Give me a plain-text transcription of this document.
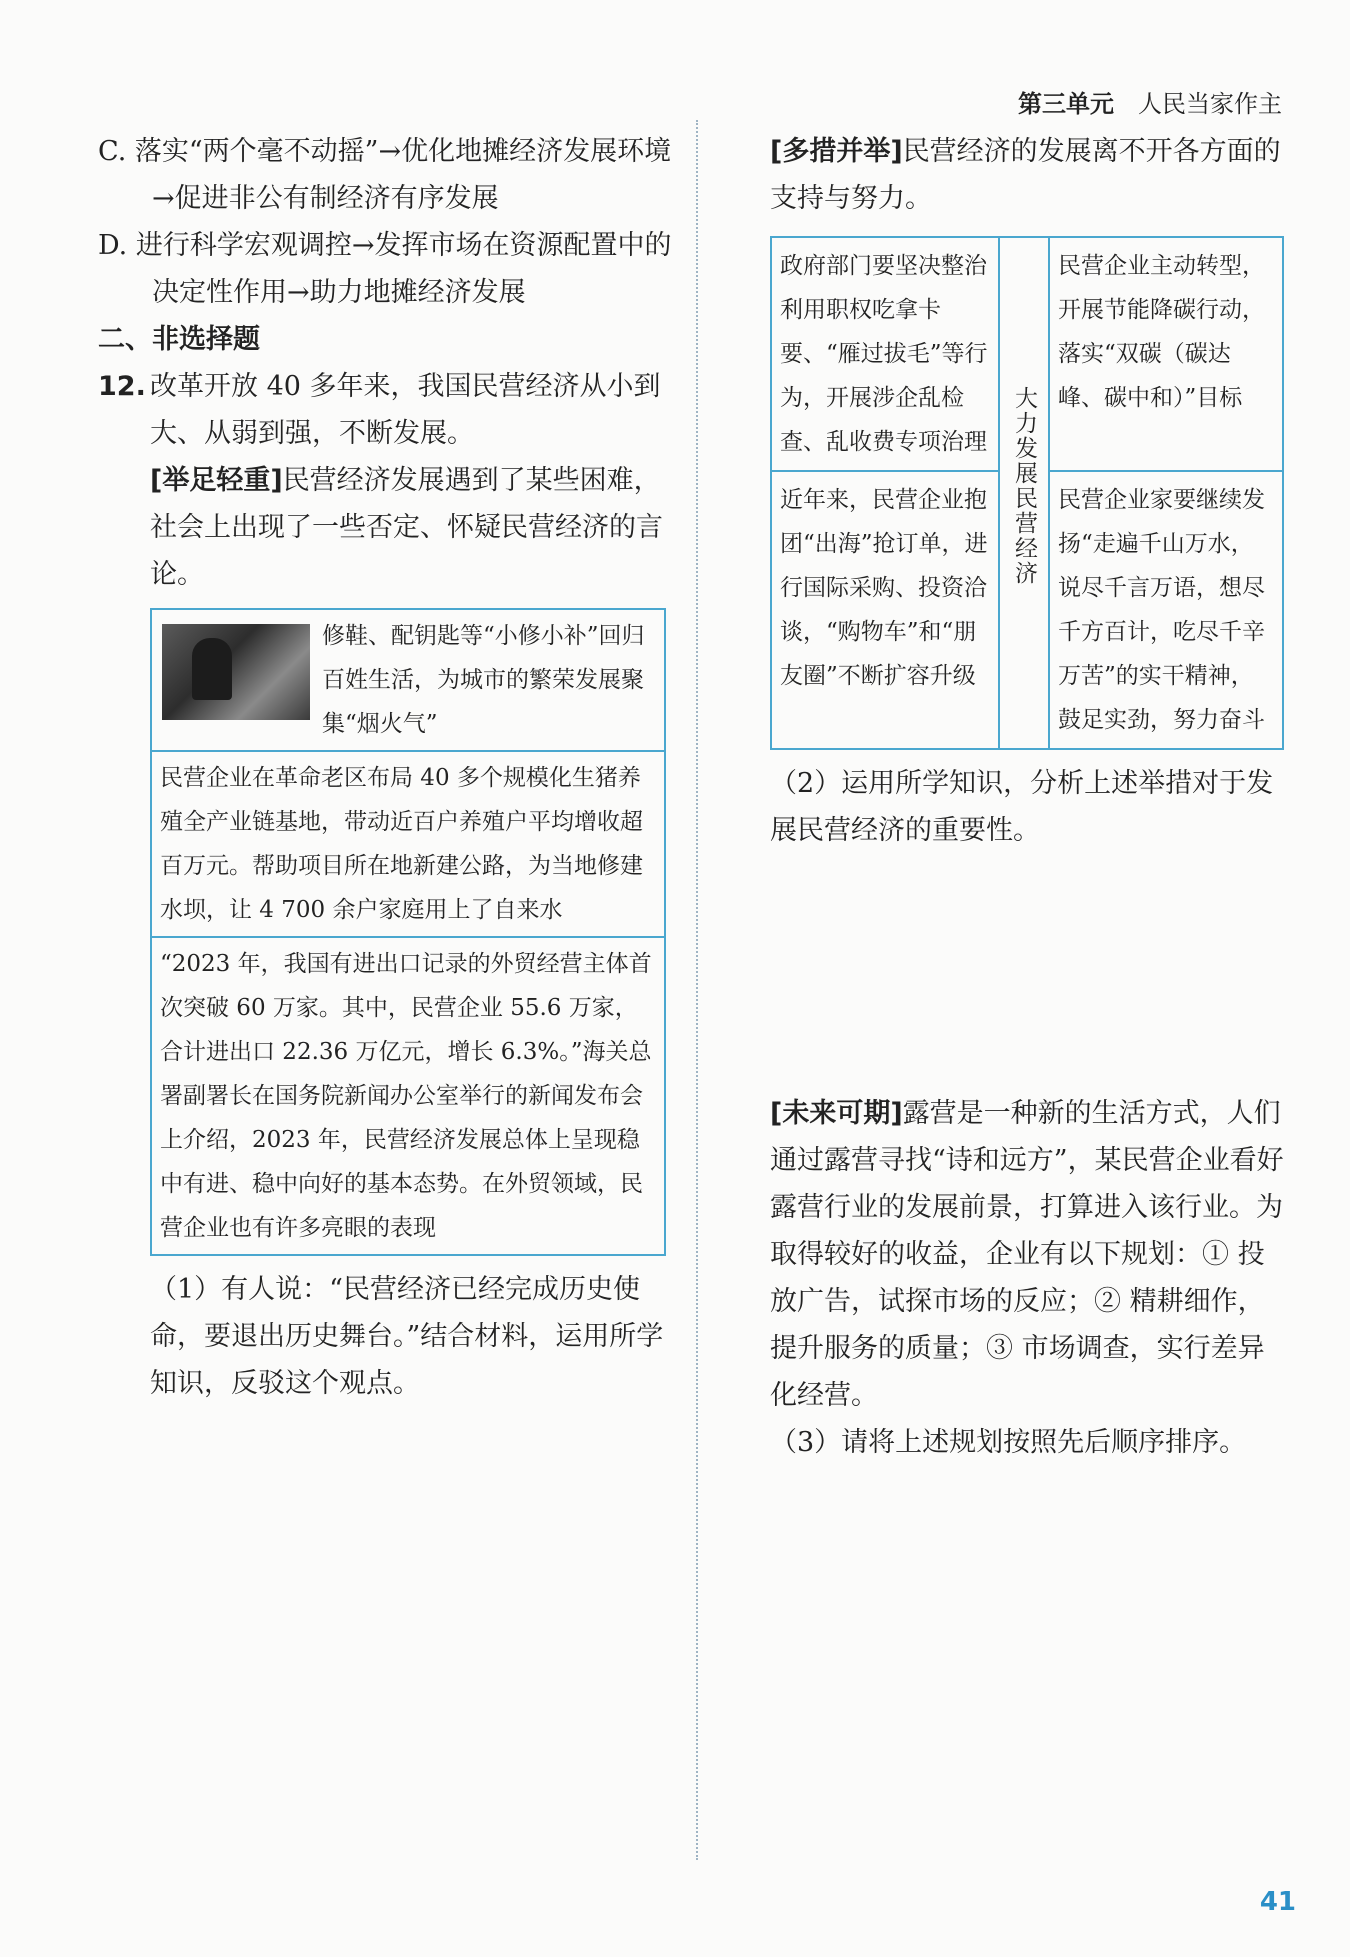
第三单元 人民当家作主
C. 落实“两个毫不动摇”→优化地摊经济发展环境→促进非公有制经济有序发展
D. 进行科学宏观调控→发挥市场在资源配置中的决定性作用→助力地摊经济发展
二、非选择题
12. 改革开放 40 多年来，我国民营经济从小到大、从弱到强，不断发展。
[举足轻重]民营经济发展遇到了某些困难，社会上出现了一些否定、怀疑民营经济的言论。
修鞋、配钥匙等“小修小补”回归百姓生活，为城市的繁荣发展聚集“烟火气”

民营企业在革命老区布局 40 多个规模化生猪养殖全产业链基地，带动近百户养殖户平均增收超百万元。帮助项目所在地新建公路，为当地修建水坝，让 4 700 余户家庭用上了自来水
“2023 年，我国有进出口记录的外贸经营主体首次突破 60 万家。其中，民营企业 55.6 万家，合计进出口 22.36 万亿元，增长 6.3%。”海关总署副署长在国务院新闻办公室举行的新闻发布会上介绍，2023 年，民营经济发展总体上呈现稳中有进、稳中向好的基本态势。在外贸领域，民营企业也有许多亮眼的表现
（1）有人说：“民营经济已经完成历史使命，要退出历史舞台。”结合材料，运用所学知识，反驳这个观点。
[多措并举]民营经济的发展离不开各方面的支持与努力。
政府部门要坚决整治利用职权吃拿卡要、“雁过拔毛”等行为，开展涉企乱检查、乱收费专项治理	大力发展民营经济	民营企业主动转型，开展节能降碳行动，落实“双碳（碳达峰、碳中和）”目标
近年来，民营企业抱团“出海”抢订单，进行国际采购、投资洽谈，“购物车”和“朋友圈”不断扩容升级		民营企业家要继续发扬“走遍千山万水，说尽千言万语，想尽千方百计，吃尽千辛万苦”的实干精神，鼓足实劲，努力奋斗
（2）运用所学知识，分析上述举措对于发展民营经济的重要性。
[未来可期]露营是一种新的生活方式，人们通过露营寻找“诗和远方”，某民营企业看好露营行业的发展前景，打算进入该行业。为取得较好的收益，企业有以下规划：① 投放广告，试探市场的反应；② 精耕细作，提升服务的质量；③ 市场调查，实行差异化经营。
（3）请将上述规划按照先后顺序排序。
41
